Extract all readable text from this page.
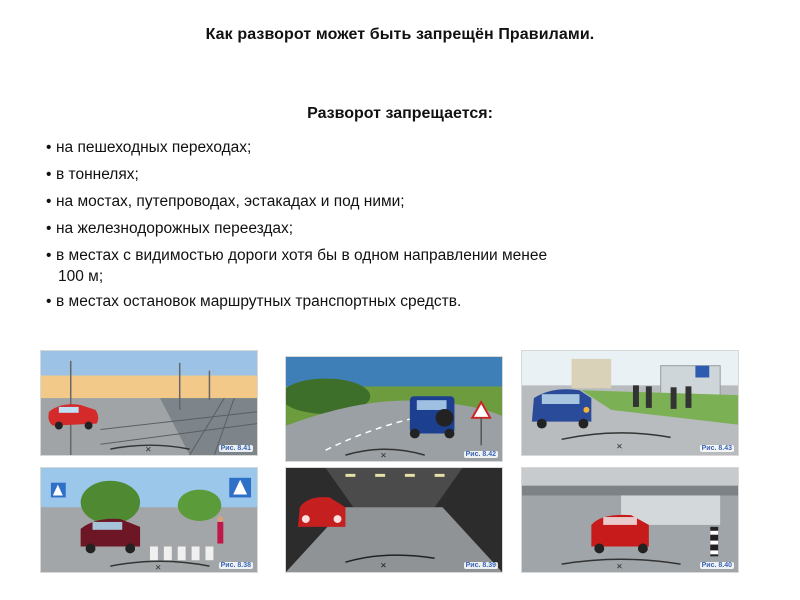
Как разворот может быть запрещён Правилами.
Разворот запрещается:
• на пешеходных переходах;
• в тоннелях;
• на мостах, путепроводах, эстакадах и под ними;
• на железнодорожных переездах;
• в местах с видимостью дороги хотя бы в одном направлении менее
100 м;
• в местах остановок маршрутных транспортных средств.
✕	Рис. 8.41
✕	Рис. 8.42
✕	Рис. 8.43
✕	Рис. 8.38	✕	Рис. 8.39	✕	Рис. 8.40
